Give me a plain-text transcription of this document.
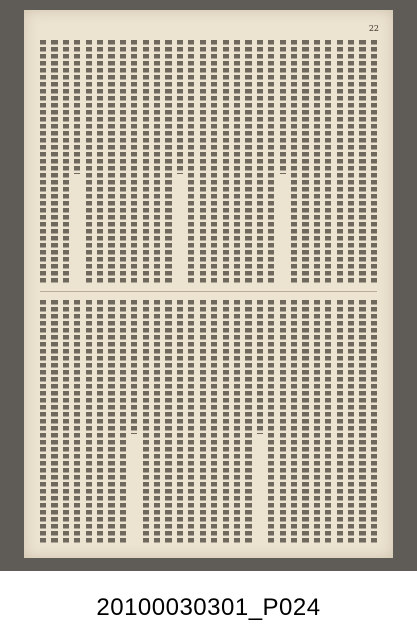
22
20100030301_P024
